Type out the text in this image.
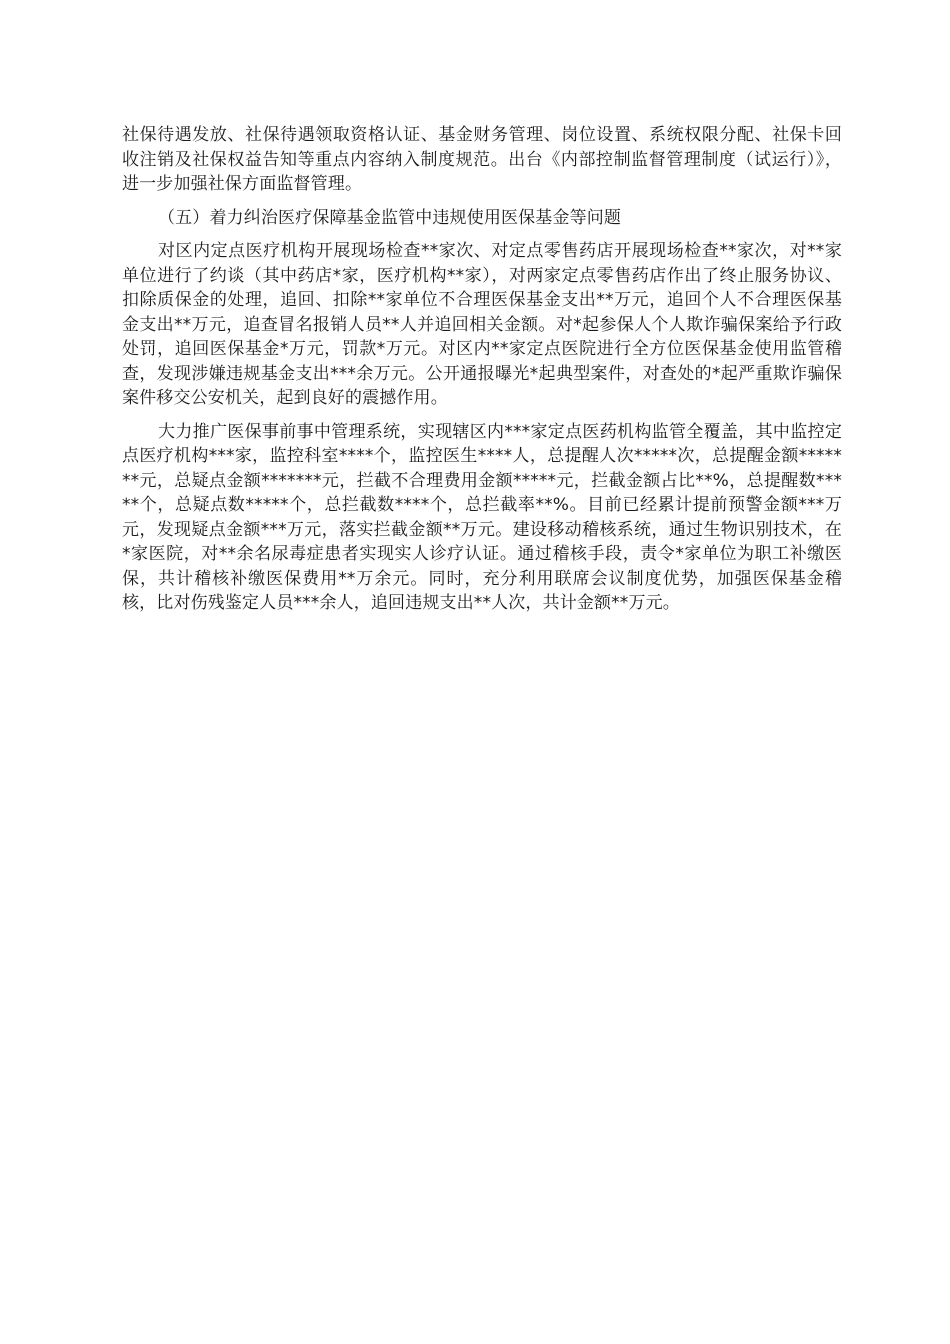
社保待遇发放、社保待遇领取资格认证、基金财务管理、岗位设置、系统权限分配、社保卡回收注销及社保权益告知等重点内容纳入制度规范。出台《内部控制监督管理制度（试运行）》，进一步加强社保方面监督管理。

（五）着力纠治医疗保障基金监管中违规使用医保基金等问题

对区内定点医疗机构开展现场检查**家次、对定点零售药店开展现场检查**家次，对**家单位进行了约谈（其中药店*家，医疗机构**家），对两家定点零售药店作出了终止服务协议、扣除质保金的处理，追回、扣除**家单位不合理医保基金支出**万元，追回个人不合理医保基金支出**万元，追查冒名报销人员**人并追回相关金额。对*起参保人个人欺诈骗保案给予行政处罚，追回医保基金*万元，罚款*万元。对区内**家定点医院进行全方位医保基金使用监管稽查，发现涉嫌违规基金支出***余万元。公开通报曝光*起典型案件，对查处的*起严重欺诈骗保案件移交公安机关，起到良好的震撼作用。

大力推广医保事前事中管理系统，实现辖区内***家定点医药机构监管全覆盖，其中监控定点医疗机构***家，监控科室****个，监控医生****人，总提醒人次*****次，总提醒金额*******元，总疑点金额*******元，拦截不合理费用金额*****元，拦截金额占比**%，总提醒数*****个，总疑点数*****个，总拦截数****个，总拦截率**%。目前已经累计提前预警金额***万元，发现疑点金额***万元，落实拦截金额**万元。建设移动稽核系统，通过生物识别技术，在*家医院，对**余名尿毒症患者实现实人诊疗认证。通过稽核手段，责令*家单位为职工补缴医保，共计稽核补缴医保费用**万余元。同时，充分利用联席会议制度优势，加强医保基金稽核，比对伤残鉴定人员***余人，追回违规支出**人次，共计金额**万元。
